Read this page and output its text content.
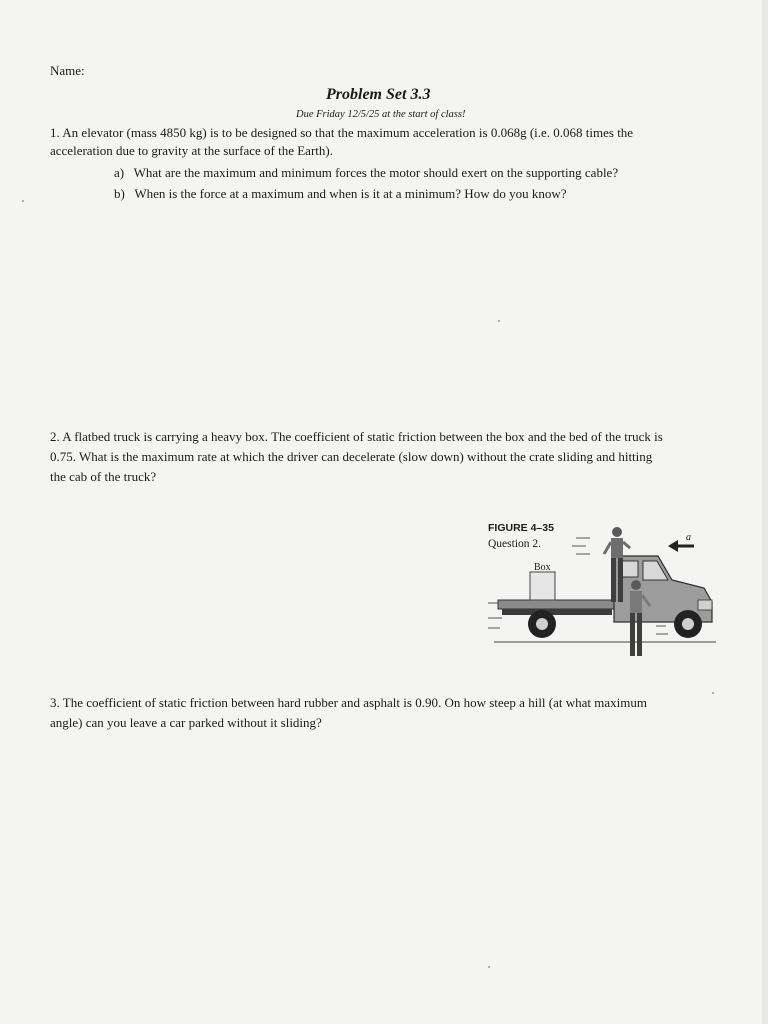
Name:

Problem Set 3.3

Due Friday 12/5/25 at the start of class!

1. An elevator (mass 4850 kg) is to be designed so that the maximum acceleration is 0.068g (i.e. 0.068 times the

acceleration due to gravity at the surface of the Earth).

a)   What are the maximum and minimum forces the motor should exert on the supporting cable?

b)   When is the force at a maximum and when is it at a minimum? How do you know?

2. A flatbed truck is carrying a heavy box. The coefficient of static friction between the box and the bed of the truck is

0.75. What is the maximum rate at which the driver can decelerate (slow down) without the crate sliding and hitting

the cab of the truck?

FIGURE 4–35
Question 2.
Box
a

3. The coefficient of static friction between hard rubber and asphalt is 0.90. On how steep a hill (at what maximum

angle) can you leave a car parked without it sliding?
